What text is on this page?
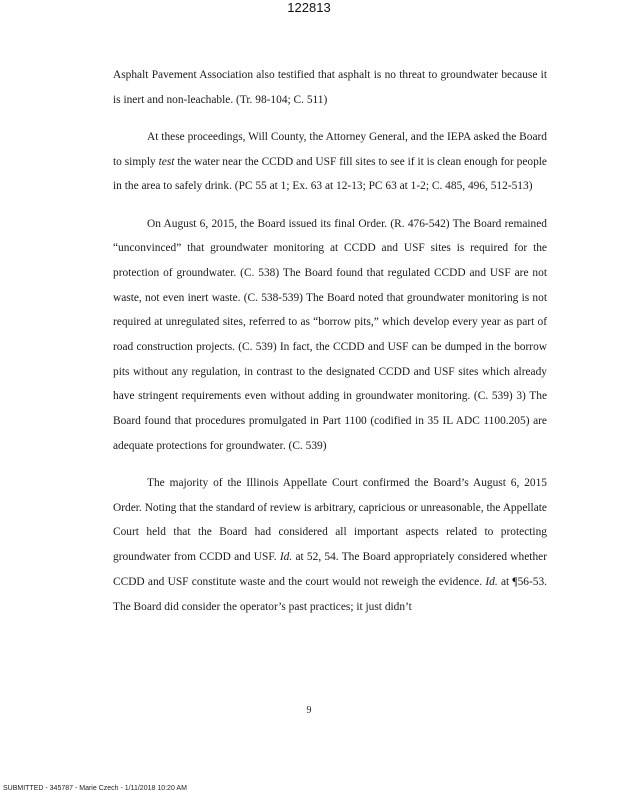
122813

Asphalt Pavement Association also testified that asphalt is no threat to groundwater because it is inert and non-leachable. (Tr. 98-104; C. 511)

At these proceedings, Will County, the Attorney General, and the IEPA asked the Board to simply test the water near the CCDD and USF fill sites to see if it is clean enough for people in the area to safely drink. (PC 55 at 1; Ex. 63 at 12-13; PC 63 at 1-2; C. 485, 496, 512-513)

On August 6, 2015, the Board issued its final Order. (R. 476-542) The Board remained “unconvinced” that groundwater monitoring at CCDD and USF sites is required for the protection of groundwater. (C. 538) The Board found that regulated CCDD and USF are not waste, not even inert waste. (C. 538-539) The Board noted that groundwater monitoring is not required at unregulated sites, referred to as “borrow pits,” which develop every year as part of road construction projects. (C. 539) In fact, the CCDD and USF can be dumped in the borrow pits without any regulation, in contrast to the designated CCDD and USF sites which already have stringent requirements even without adding in groundwater monitoring. (C. 539) 3) The Board found that procedures promulgated in Part 1100 (codified in 35 IL ADC 1100.205) are adequate protections for groundwater. (C. 539)

The majority of the Illinois Appellate Court confirmed the Board’s August 6, 2015 Order. Noting that the standard of review is arbitrary, capricious or unreasonable, the Appellate Court held that the Board had considered all important aspects related to protecting groundwater from CCDD and USF. Id. at 52, 54. The Board appropriately considered whether CCDD and USF constitute waste and the court would not reweigh the evidence. Id. at ¶56-53. The Board did consider the operator’s past practices; it just didn’t

9
SUBMITTED - 345787 - Marie Czech - 1/11/2018 10:20 AM
